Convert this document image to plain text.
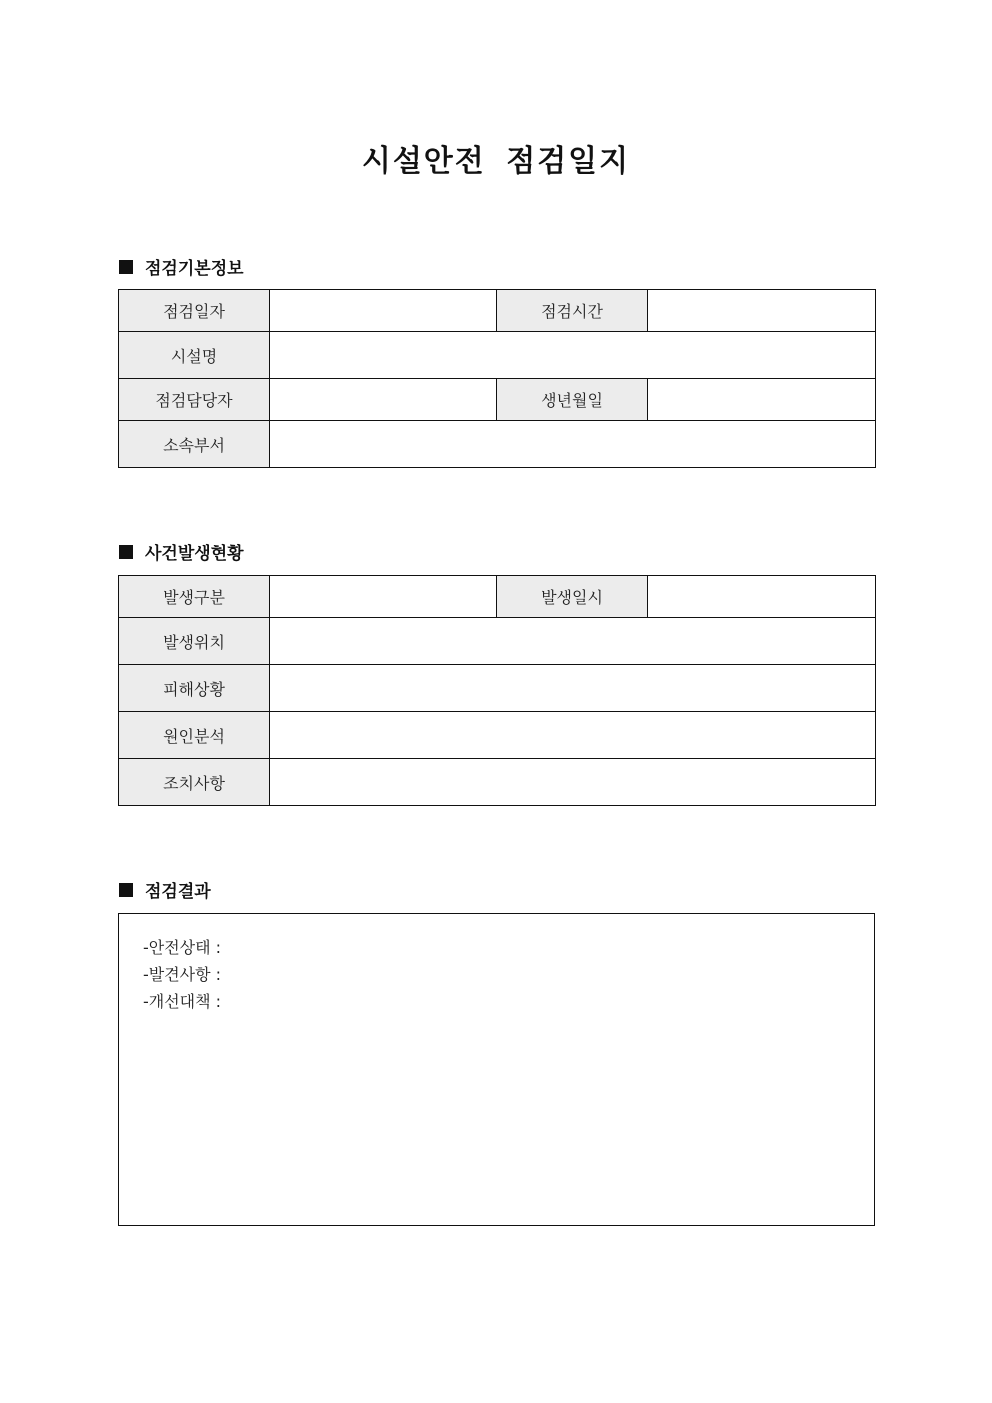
시설안전 점검일지
점검기본정보
점검일자		점검시간	
시설명			
점검담당자		생년월일	
소속부서			
사건발생현황
발생구분		발생일시	
발생위치			
피해상황			
원인분석			
조치사항			
점검결과
-안전상태 :
-발견사항 :
-개선대책 :
